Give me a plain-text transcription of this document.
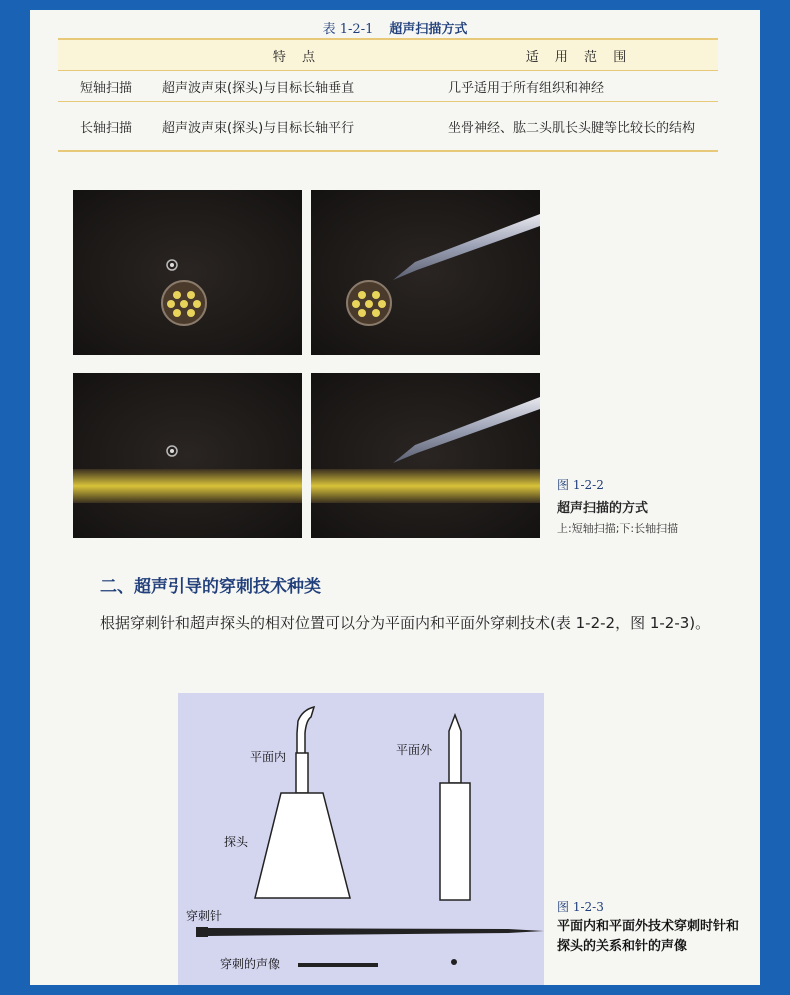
表 1-2-1 超声扫描方式
	特 点	适 用 范 围
短轴扫描	超声波声束(探头)与目标长轴垂直	几乎适用于所有组织和神经
长轴扫描	超声波声束(探头)与目标长轴平行	坐骨神经、肱二头肌长头腱等比较长的结构
图 1-2-2
超声扫描的方式
上:短轴扫描;下:长轴扫描
二、超声引导的穿刺技术种类
根据穿刺针和超声探头的相对位置可以分为平面内和平面外穿刺技术(表 1-2-2，图 1-2-3)。
平面内	平面外
探头
穿刺针
穿刺的声像
图 1-2-3
平面内和平面外技术穿刺时针和探头的关系和针的声像
